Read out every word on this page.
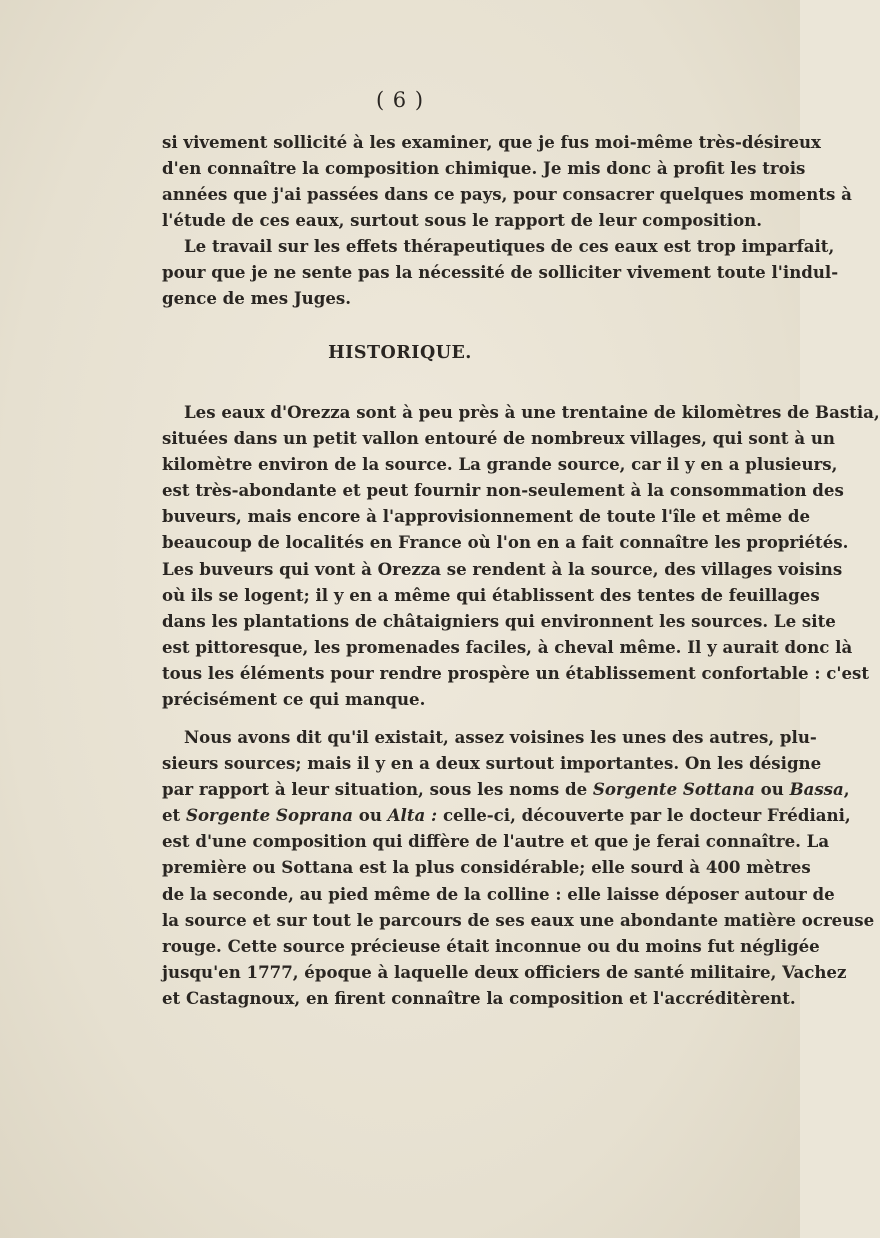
( 6 )
si vivement sollicité à les examiner, que je fus moi-même très-désireux
d'en connaître la composition chimique. Je mis donc à profit les trois
années que j'ai passées dans ce pays, pour consacrer quelques moments à
l'étude de ces eaux, surtout sous le rapport de leur composition.
Le travail sur les effets thérapeutiques de ces eaux est trop imparfait,
pour que je ne sente pas la nécessité de solliciter vivement toute l'indul-
gence de mes Juges.
HISTORIQUE.
Les eaux d'Orezza sont à peu près à une trentaine de kilomètres de Bastia,
situées dans un petit vallon entouré de nombreux villages, qui sont à un
kilomètre environ de la source. La grande source, car il y en a plusieurs,
est très-abondante et peut fournir non-seulement à la consommation des
buveurs, mais encore à l'approvisionnement de toute l'île et même de
beaucoup de localités en France où l'on en a fait connaître les propriétés.
Les buveurs qui vont à Orezza se rendent à la source, des villages voisins
où ils se logent; il y en a même qui établissent des tentes de feuillages
dans les plantations de châtaigniers qui environnent les sources. Le site
est pittoresque, les promenades faciles, à cheval même. Il y aurait donc là
tous les éléments pour rendre prospère un établissement confortable : c'est
précisément ce qui manque.
Nous avons dit qu'il existait, assez voisines les unes des autres, plu-
sieurs sources; mais il y en a deux surtout importantes. On les désigne
par rapport à leur situation, sous les noms de Sorgente Sottana ou Bassa,
et Sorgente Soprana ou Alta : celle-ci, découverte par le docteur Frédiani,
est d'une composition qui diffère de l'autre et que je ferai connaître. La
première ou Sottana est la plus considérable; elle sourd à 400 mètres
de la seconde, au pied même de la colline : elle laisse déposer autour de
la source et sur tout le parcours de ses eaux une abondante matière ocreuse
rouge. Cette source précieuse était inconnue ou du moins fut négligée
jusqu'en 1777, époque à laquelle deux officiers de santé militaire, Vachez
et Castagnoux, en firent connaître la composition et l'accréditèrent.
